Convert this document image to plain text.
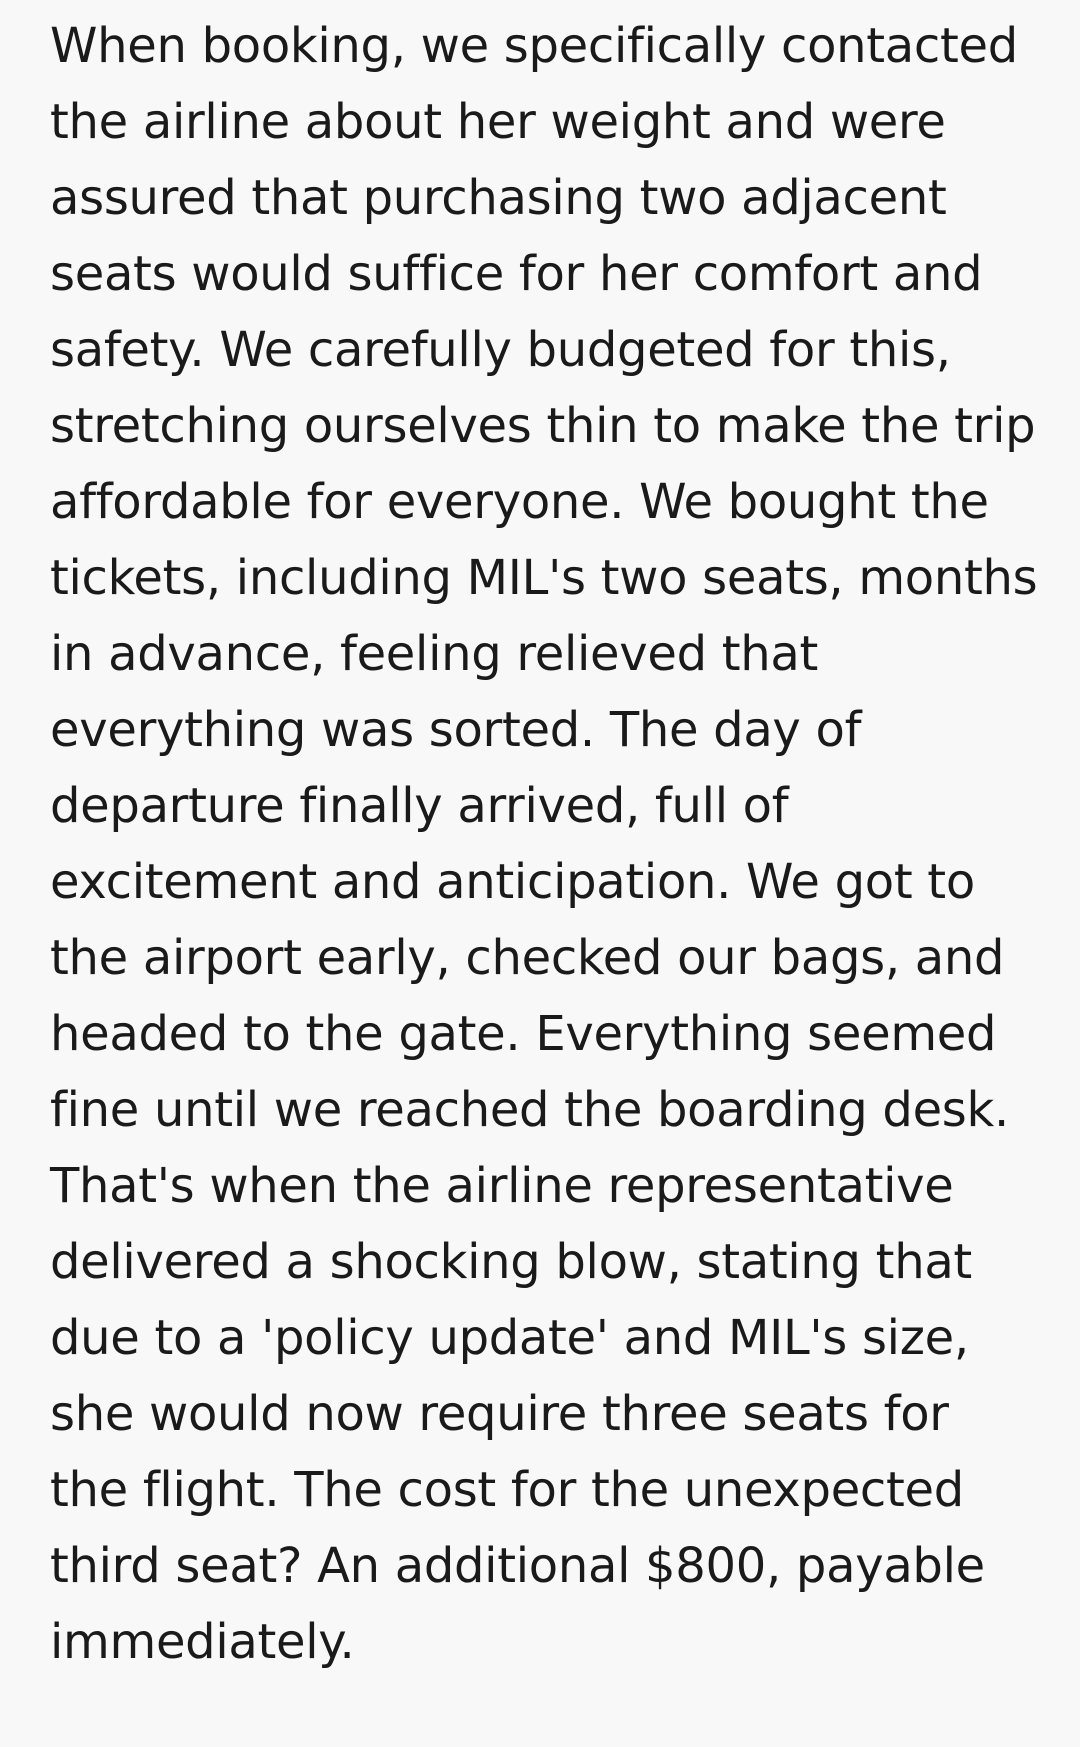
When booking, we specifically contacted
the airline about her weight and were
assured that purchasing two adjacent
seats would suffice for her comfort and
safety. We carefully budgeted for this,
stretching ourselves thin to make the trip
affordable for everyone. We bought the
tickets, including MIL's two seats, months
in advance, feeling relieved that
everything was sorted. The day of
departure finally arrived, full of
excitement and anticipation. We got to
the airport early, checked our bags, and
headed to the gate. Everything seemed
fine until we reached the boarding desk.
That's when the airline representative
delivered a shocking blow, stating that
due to a 'policy update' and MIL's size,
she would now require three seats for
the flight. The cost for the unexpected
third seat? An additional $800, payable
immediately.
